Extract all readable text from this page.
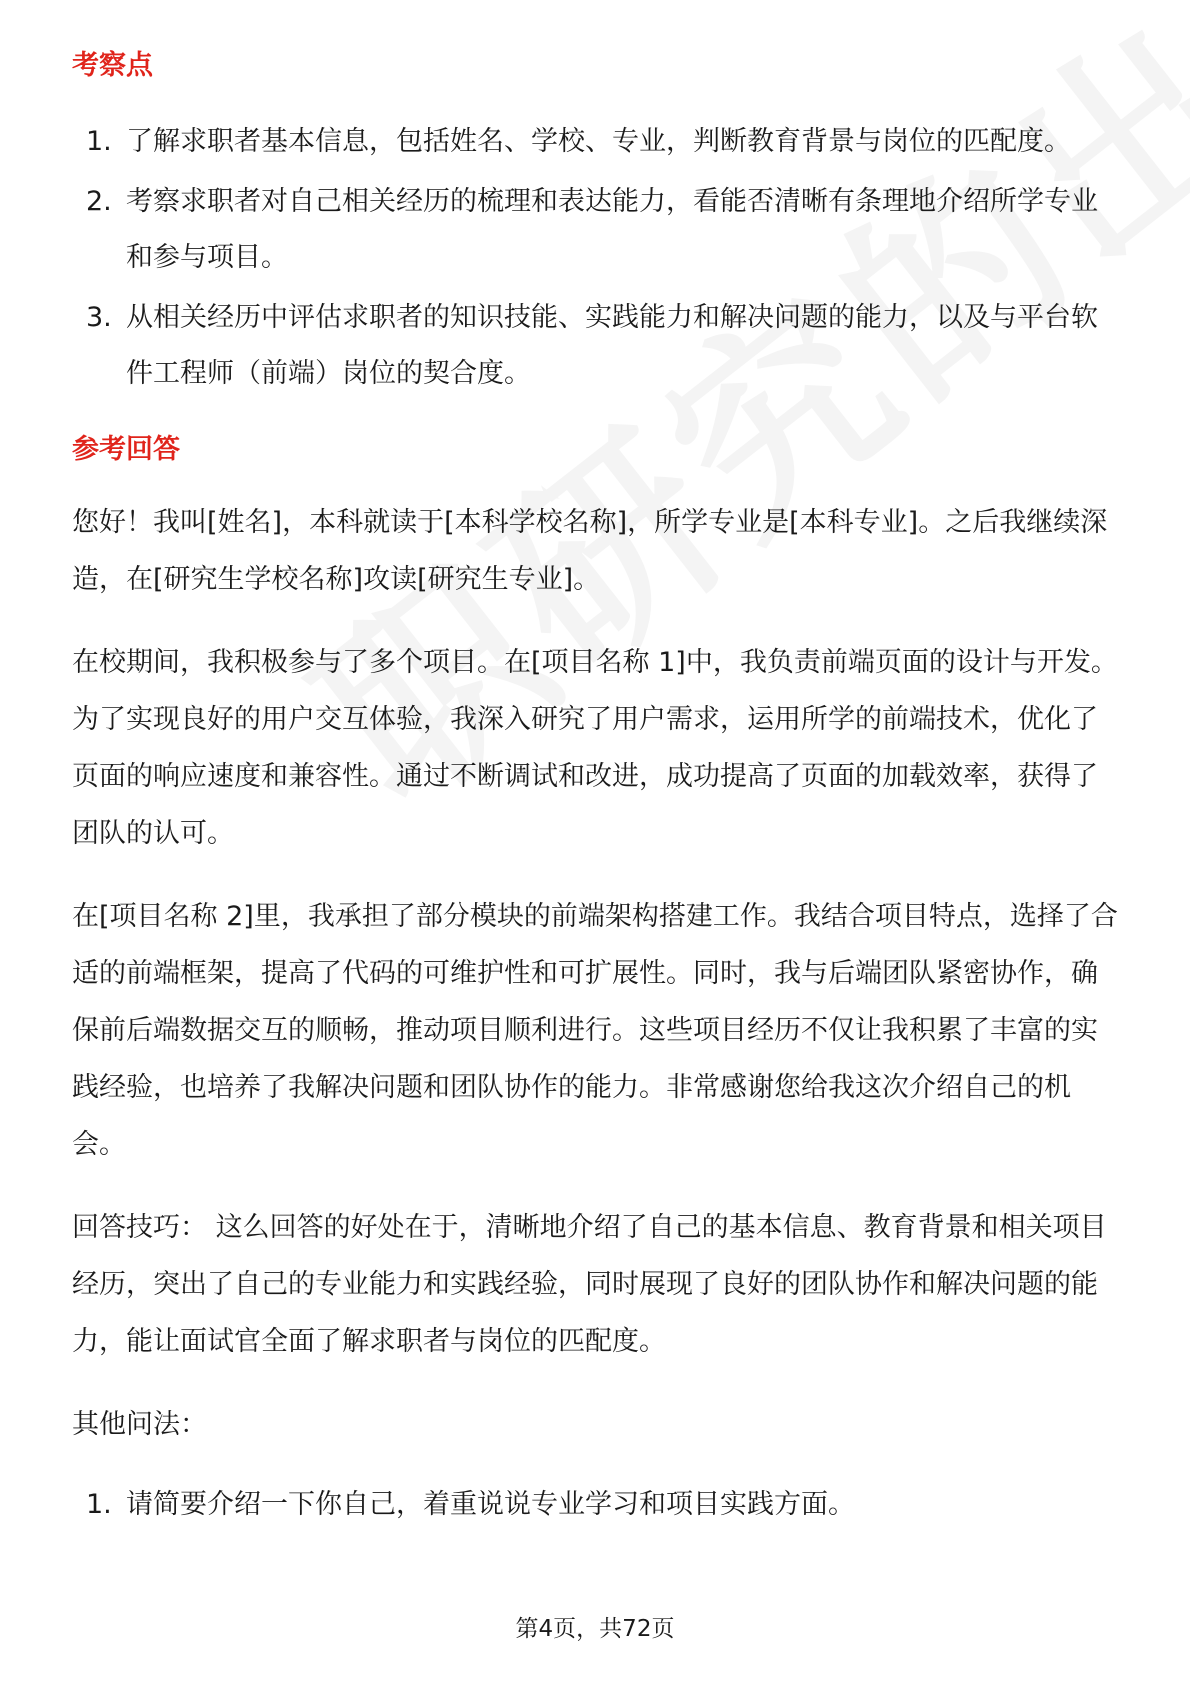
考察点
1. 了解求职者基本信息，包括姓名、学校、专业，判断教育背景与岗位的匹配度。
2. 考察求职者对自己相关经历的梳理和表达能力，看能否清晰有条理地介绍所学专业和参与项目。
3. 从相关经历中评估求职者的知识技能、实践能力和解决问题的能力，以及与平台软件工程师（前端）岗位的契合度。
参考回答

您好！我叫[姓名]，本科就读于[本科学校名称]，所学专业是[本科专业]。之后我继续深造，在[研究生学校名称]攻读[研究生专业]。

在校期间，我积极参与了多个项目。在[项目名称 1]中，我负责前端页面的设计与开发。为了实现良好的用户交互体验，我深入研究了用户需求，运用所学的前端技术，优化了页面的响应速度和兼容性。通过不断调试和改进，成功提高了页面的加载效率，获得了团队的认可。

在[项目名称 2]里，我承担了部分模块的前端架构搭建工作。我结合项目特点，选择了合适的前端框架，提高了代码的可维护性和可扩展性。同时，我与后端团队紧密协作，确保前后端数据交互的顺畅，推动项目顺利进行。这些项目经历不仅让我积累了丰富的实践经验，也培养了我解决问题和团队协作的能力。非常感谢您给我这次介绍自己的机会。

回答技巧： 这么回答的好处在于，清晰地介绍了自己的基本信息、教育背景和相关项目经历，突出了自己的专业能力和实践经验，同时展现了良好的团队协作和解决问题的能力，能让面试官全面了解求职者与岗位的匹配度。

其他问法：
1. 请简要介绍一下你自己，着重说说专业学习和项目实践方面。
第4页，共72页
